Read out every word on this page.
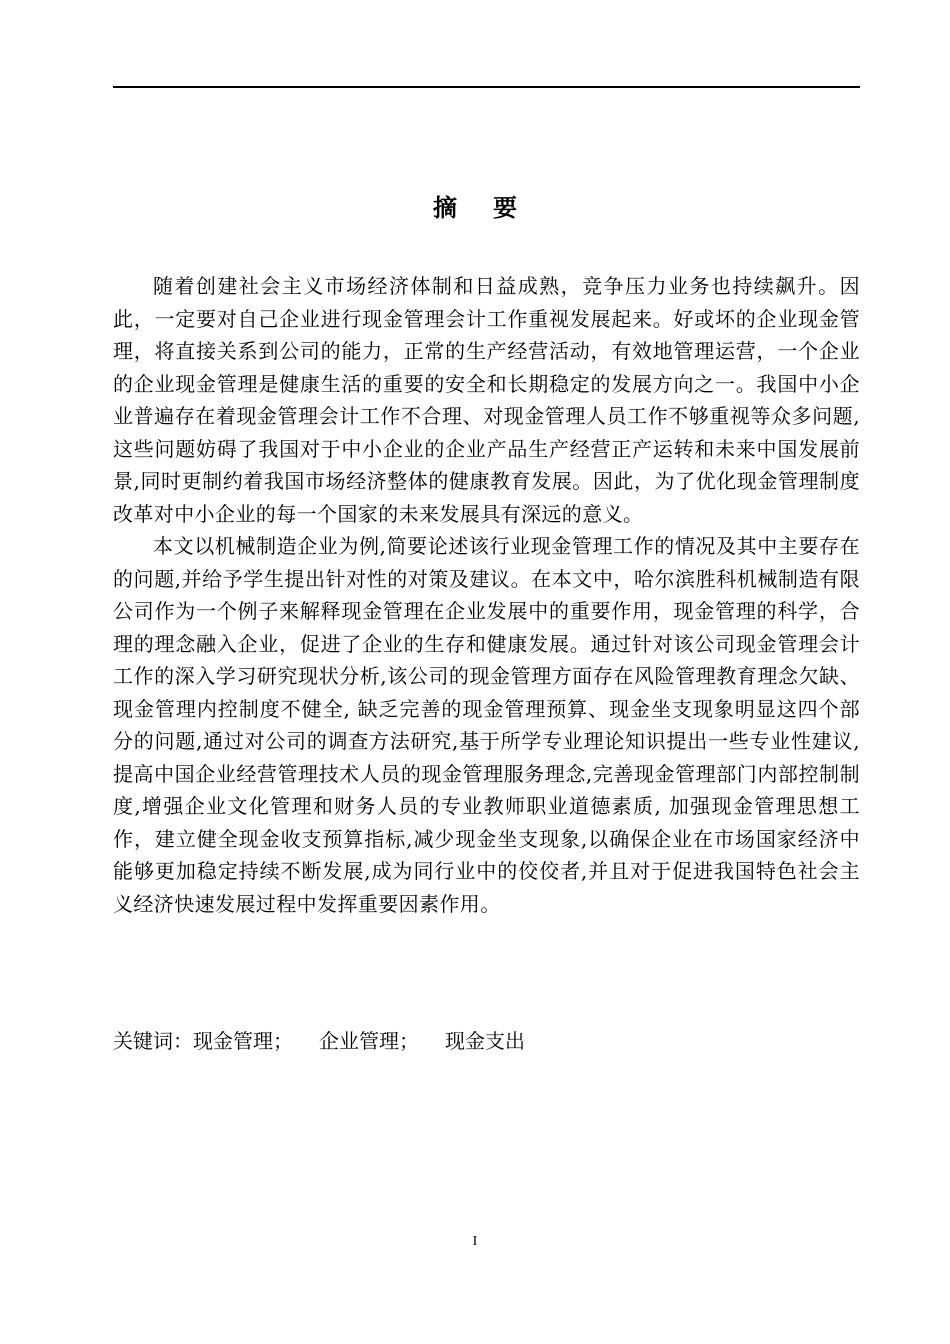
摘要

随着创建社会主义市场经济体制和日益成熟，竞争压力业务也持续飙升。因此，一定要对自己企业进行现金管理会计工作重视发展起来。好或坏的企业现金管理，将直接关系到公司的能力，正常的生产经营活动，有效地管理运营，一个企业的企业现金管理是健康生活的重要的安全和长期稳定的发展方向之一。我国中小企业普遍存在着现金管理会计工作不合理、对现金管理人员工作不够重视等众多问题,这些问题妨碍了我国对于中小企业的企业产品生产经营正产运转和未来中国发展前景,同时更制约着我国市场经济整体的健康教育发展。因此，为了优化现金管理制度改革对中小企业的每一个国家的未来发展具有深远的意义。

本文以机械制造企业为例,简要论述该行业现金管理工作的情况及其中主要存在的问题,并给予学生提出针对性的对策及建议。在本文中，哈尔滨胜科机械制造有限公司作为一个例子来解释现金管理在企业发展中的重要作用，现金管理的科学，合理的理念融入企业，促进了企业的生存和健康发展。通过针对该公司现金管理会计工作的深入学习研究现状分析,该公司的现金管理方面存在风险管理教育理念欠缺、现金管理内控制度不健全, 缺乏完善的现金管理预算、现金坐支现象明显这四个部分的问题,通过对公司的调查方法研究,基于所学专业理论知识提出一些专业性建议,提高中国企业经营管理技术人员的现金管理服务理念,完善现金管理部门内部控制制度,增强企业文化管理和财务人员的专业教师职业道德素质, 加强现金管理思想工作，建立健全现金收支预算指标,减少现金坐支现象,以确保企业在市场国家经济中能够更加稳定持续不断发展,成为同行业中的佼佼者,并且对于促进我国特色社会主义经济快速发展过程中发挥重要因素作用。

关键词：现金管理； 企业管理； 现金支出
I
